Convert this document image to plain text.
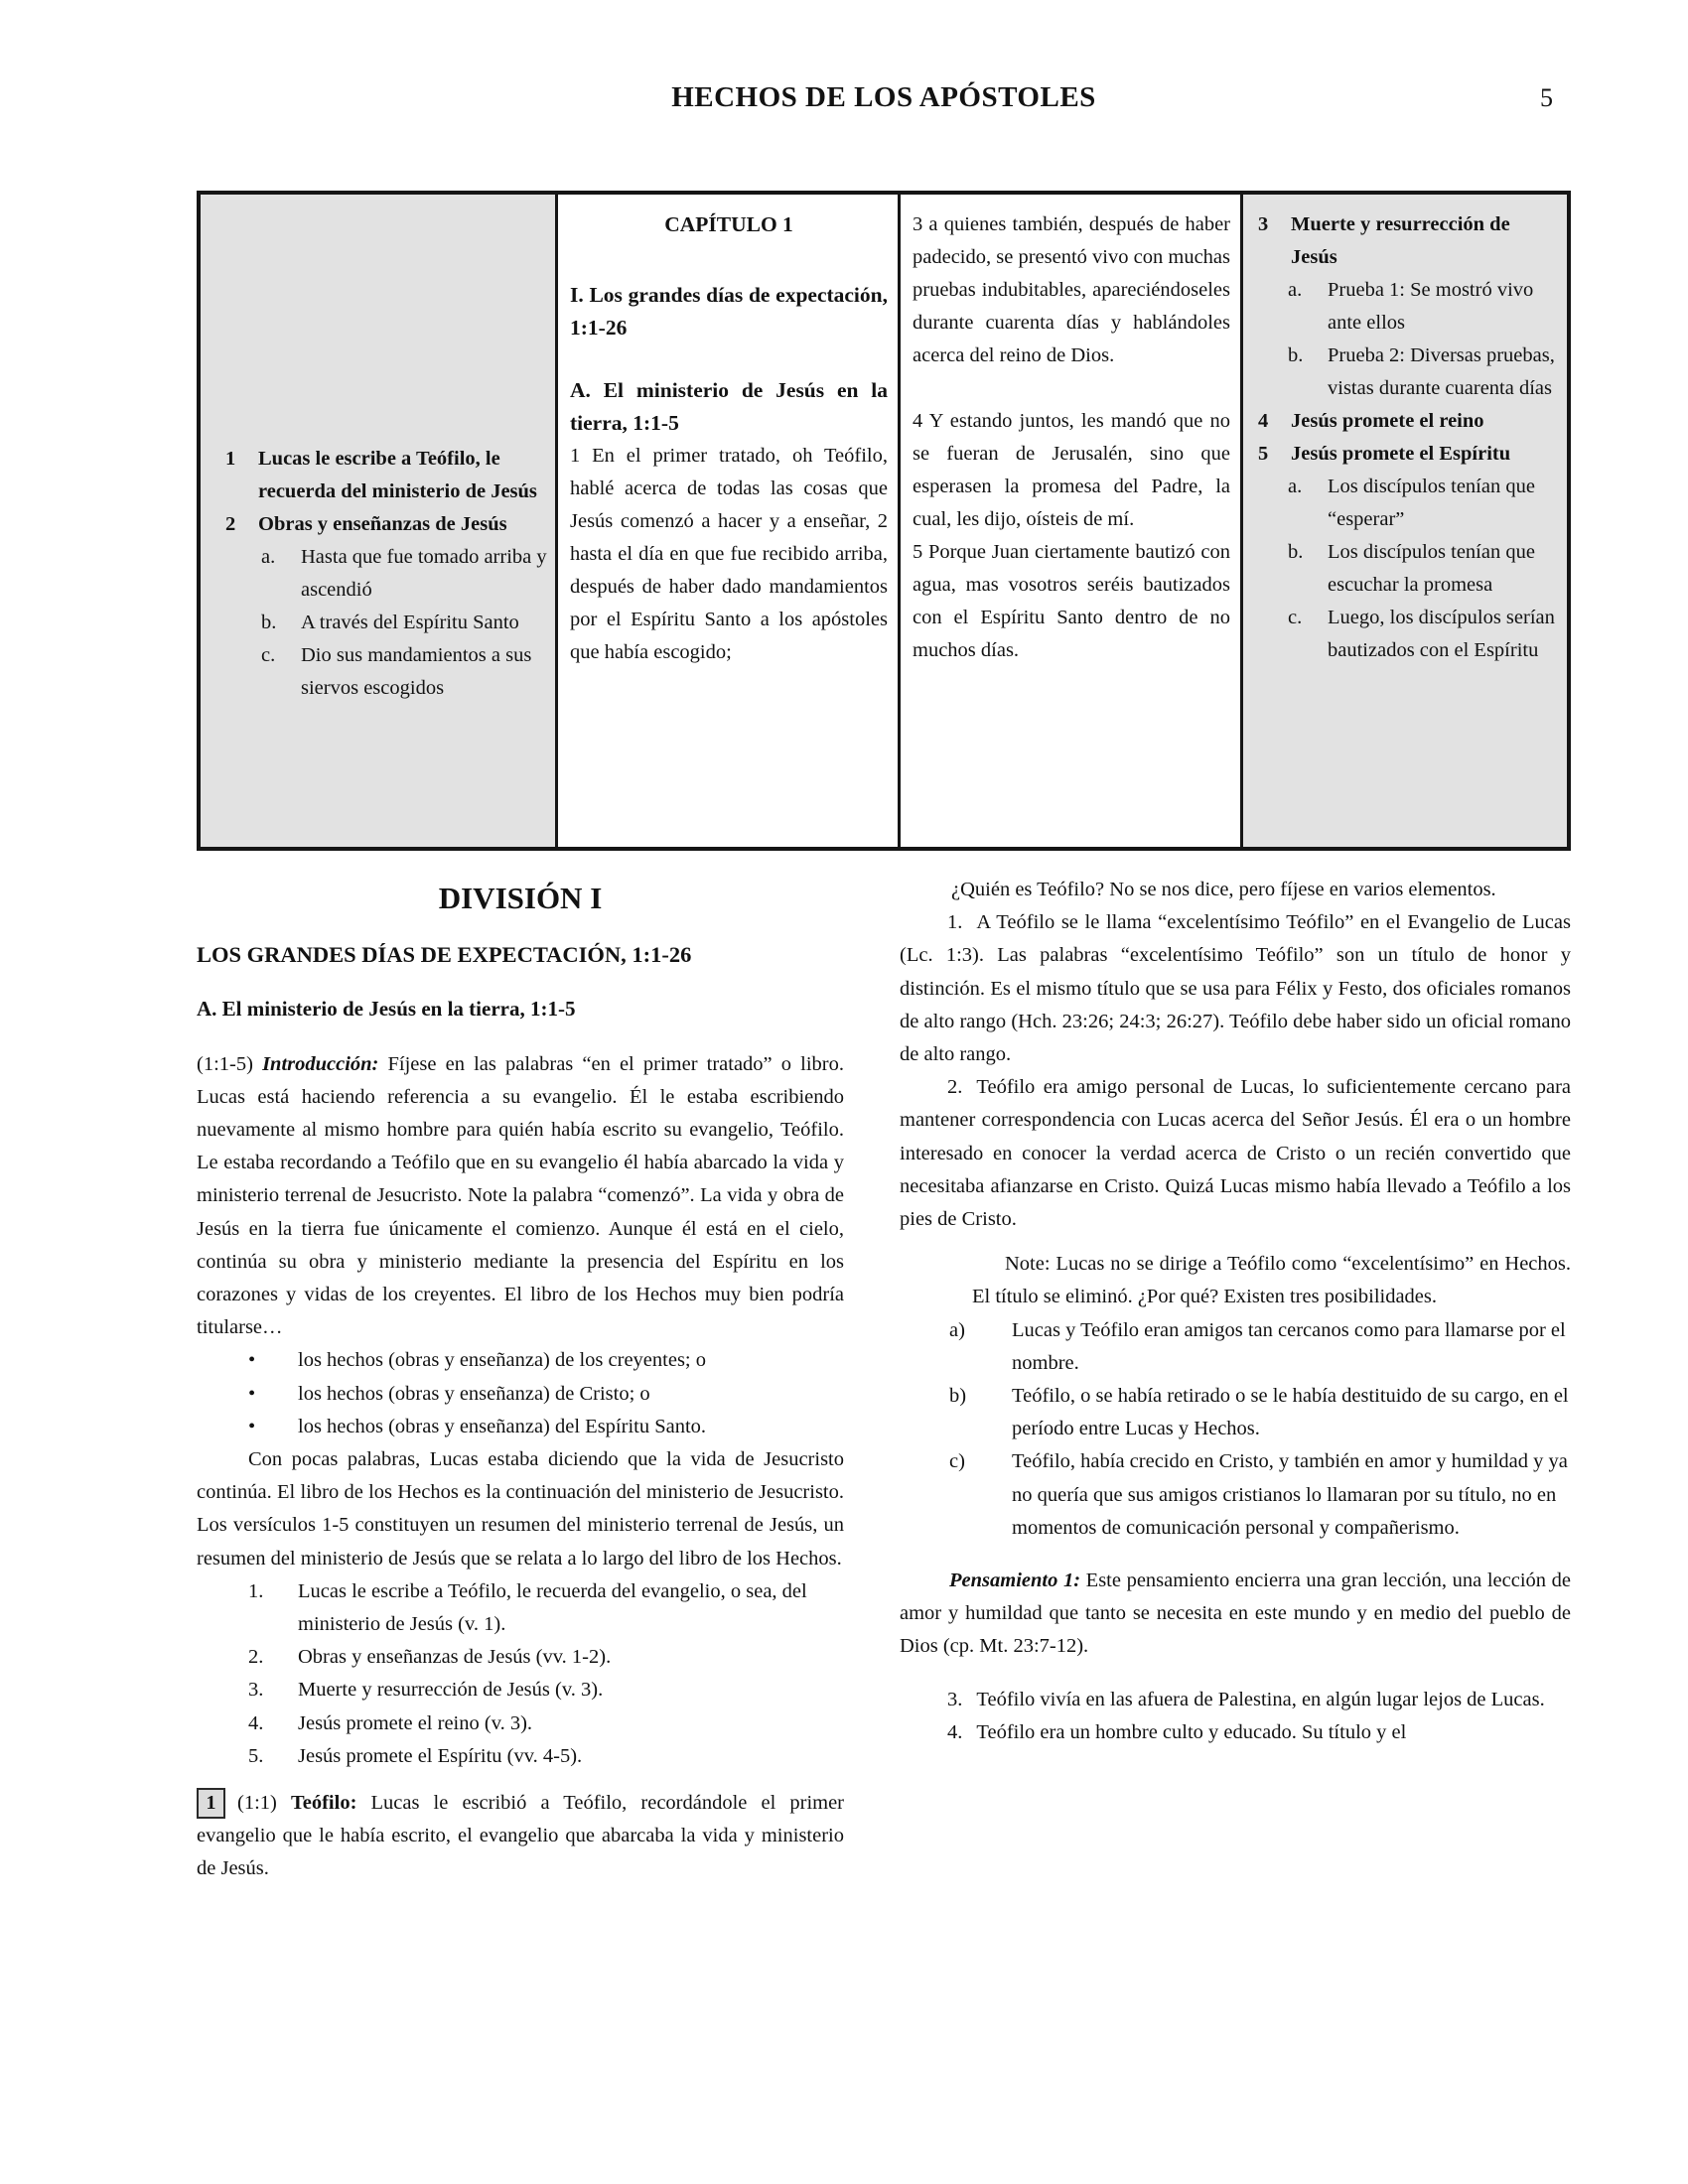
HECHOS DE LOS APÓSTOLES	5
1	Lucas le escribe a Teófilo, le recuerda del ministerio de Jesús
2	Obras y enseñanzas de Jesús
a.	Hasta que fue tomado arriba y ascendió
b.	A través del Espíritu Santo
c.	Dio sus mandamientos a sus siervos escogidos
CAPÍTULO 1
I. Los grandes días de expectación, 1:1-26
A. El ministerio de Jesús en la tierra, 1:1-5

1 En el primer tratado, oh Teófilo, hablé acerca de todas las cosas que Jesús comenzó a hacer y a enseñar, 2 hasta el día en que fue recibido arriba, después de haber dado mandamientos por el Espíritu Santo a los apóstoles que había escogido;

3 a quienes también, después de haber padecido, se presentó vivo con muchas pruebas indubitables, apareciéndoseles durante cuarenta días y hablándoles acerca del reino de Dios.

4 Y estando juntos, les mandó que no se fueran de Jerusalén, sino que esperasen la promesa del Padre, la cual, les dijo, oísteis de mí.

5 Porque Juan ciertamente bautizó con agua, mas vosotros seréis bautizados con el Espíritu Santo dentro de no muchos días.

3	Muerte y resurrección de Jesús
a.	Prueba 1: Se mostró vivo ante ellos
b.	Prueba 2: Diversas pruebas, vistas durante cuarenta días
4	Jesús promete el reino
5	Jesús promete el Espíritu
a.	Los discípulos tenían que “esperar”
b.	Los discípulos tenían que escuchar la promesa
c.	Luego, los discípulos serían bautizados con el Espíritu
DIVISIÓN I
LOS GRANDES DÍAS DE EXPECTACIÓN, 1:1-26
A. El ministerio de Jesús en la tierra, 1:1-5

(1:1-5) Introducción: Fíjese en las palabras “en el primer tratado” o libro. Lucas está haciendo referencia a su evangelio. Él le estaba escribiendo nuevamente al mismo hombre para quién había escrito su evangelio, Teófilo. Le estaba recordando a Teófilo que en su evangelio él había abarcado la vida y ministerio terrenal de Jesucristo. Note la palabra “comenzó”. La vida y obra de Jesús en la tierra fue únicamente el comienzo. Aunque él está en el cielo, continúa su obra y ministerio mediante la presencia del Espíritu en los corazones y vidas de los creyentes. El libro de los Hechos muy bien podría titularse…

•	los hechos (obras y enseñanza) de los creyentes; o
•	los hechos (obras y enseñanza) de Cristo; o
•	los hechos (obras y enseñanza) del Espíritu Santo.

Con pocas palabras, Lucas estaba diciendo que la vida de Jesucristo continúa. El libro de los Hechos es la continuación del ministerio de Jesucristo. Los versículos 1-5 constituyen un resumen del ministerio terrenal de Jesús, un resumen del ministerio de Jesús que se relata a lo largo del libro de los Hechos.

1.	Lucas le escribe a Teófilo, le recuerda del evangelio, o sea, del ministerio de Jesús (v. 1).
2.	Obras y enseñanzas de Jesús (vv. 1-2).
3.	Muerte y resurrección de Jesús (v. 3).
4.	Jesús promete el reino (v. 3).
5.	Jesús promete el Espíritu (vv. 4-5).

1 (1:1) Teófilo: Lucas le escribió a Teófilo, recordándole el primer evangelio que le había escrito, el evangelio que abarcaba la vida y ministerio de Jesús.

¿Quién es Teófilo? No se nos dice, pero fíjese en varios elementos.

1. A Teófilo se le llama “excelentísimo Teófilo” en el Evangelio de Lucas (Lc. 1:3). Las palabras “excelentísimo Teófilo” son un título de honor y distinción. Es el mismo título que se usa para Félix y Festo, dos oficiales romanos de alto rango (Hch. 23:26; 24:3; 26:27). Teófilo debe haber sido un oficial romano de alto rango.

2. Teófilo era amigo personal de Lucas, lo suficientemente cercano para mantener correspondencia con Lucas acerca del Señor Jesús. Él era o un hombre interesado en conocer la verdad acerca de Cristo o un recién convertido que necesitaba afianzarse en Cristo. Quizá Lucas mismo había llevado a Teófilo a los pies de Cristo.

Note: Lucas no se dirige a Teófilo como “excelentísimo” en Hechos. El título se eliminó. ¿Por qué? Existen tres posibilidades.

a)	Lucas y Teófilo eran amigos tan cercanos como para llamarse por el nombre.
b)	Teófilo, o se había retirado o se le había destituido de su cargo, en el período entre Lucas y Hechos.
c)	Teófilo, había crecido en Cristo, y también en amor y humildad y ya no quería que sus amigos cristianos lo llamaran por su título, no en momentos de comunicación personal y compañerismo.

Pensamiento 1: Este pensamiento encierra una gran lección, una lección de amor y humildad que tanto se necesita en este mundo y en medio del pueblo de Dios (cp. Mt. 23:7-12).

3. Teófilo vivía en las afuera de Palestina, en algún lugar lejos de Lucas.

4. Teófilo era un hombre culto y educado. Su título y el
